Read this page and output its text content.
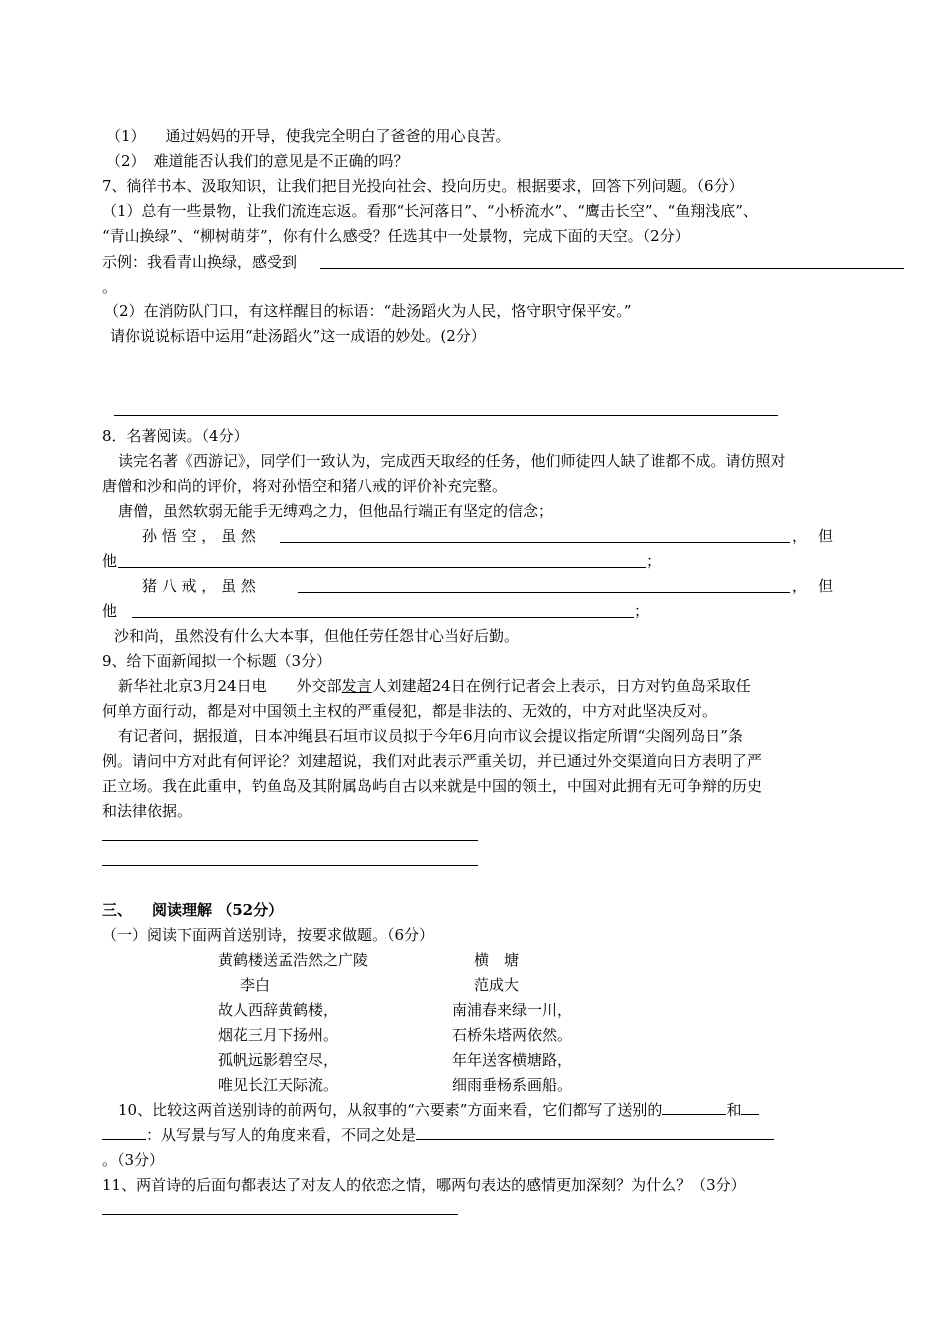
（1） 通过妈妈的开导，使我完全明白了爸爸的用心良苦。
（2） 难道能否认我们的意见是不正确的吗？
7、徜徉书本、汲取知识，让我们把目光投向社会、投向历史。根据要求，回答下列问题。（6分）
（1）总有一些景物，让我们流连忘返。看那“长河落日”、“小桥流水”、“鹰击长空”、“鱼翔浅底”、
“青山换绿”、“柳树萌芽”，你有什么感受？任选其中一处景物，完成下面的天空。（2分）
示例：我看青山换绿，感受到
。
（2）在消防队门口，有这样醒目的标语：“赴汤蹈火为人民，恪守职守保平安。”
请你说说标语中运用“赴汤蹈火”这一成语的妙处。(2分）
8．名著阅读。（4分）
读完名著《西游记》，同学们一致认为，完成西天取经的任务，他们师徒四人缺了谁都不成。请仿照对
唐僧和沙和尚的评价，将对孙悟空和猪八戒的评价补充完整。
唐僧，虽然软弱无能手无缚鸡之力，但他品行端正有坚定的信念；
孙 悟 空 ， 虽 然	， 但
他	；
猪 八 戒 ， 虽 然	， 但
他	；
沙和尚，虽然没有什么大本事，但他任劳任怨甘心当好后勤。
9、给下面新闻拟一个标题（3分）
新华社北京3月24日电　　外交部发言人刘建超24日在例行记者会上表示，日方对钓鱼岛采取任
何单方面行动，都是对中国领土主权的严重侵犯，都是非法的、无效的，中方对此坚决反对。
有记者问，据报道，日本冲绳县石垣市议员拟于今年6月向市议会提议指定所谓“尖阁列岛日”条
例。请问中方对此有何评论？刘建超说，我们对此表示严重关切，并已通过外交渠道向日方表明了严
正立场。我在此重申，钓鱼岛及其附属岛屿自古以来就是中国的领土，中国对此拥有无可争辩的历史
和法律依据。
三、 阅读理解 （52分）
（一）阅读下面两首送别诗，按要求做题。（6分）
黄鹤楼送孟浩然之广陵
李白
故人西辞黄鹤楼，
烟花三月下扬州。
孤帆远影碧空尽，
唯见长江天际流。
横　塘
范成大
南浦春来绿一川，
石桥朱塔两依然。
年年送客横塘路，
细雨垂杨系画船。
10、比较这两首送别诗的前两句，从叙事的“六要素”方面来看，它们都写了送别的	和
：从写景与写人的角度来看，不同之处是
。（3分）
11、两首诗的后面句都表达了对友人的依恋之情，哪两句表达的感情更加深刻？为什么？（3分）
